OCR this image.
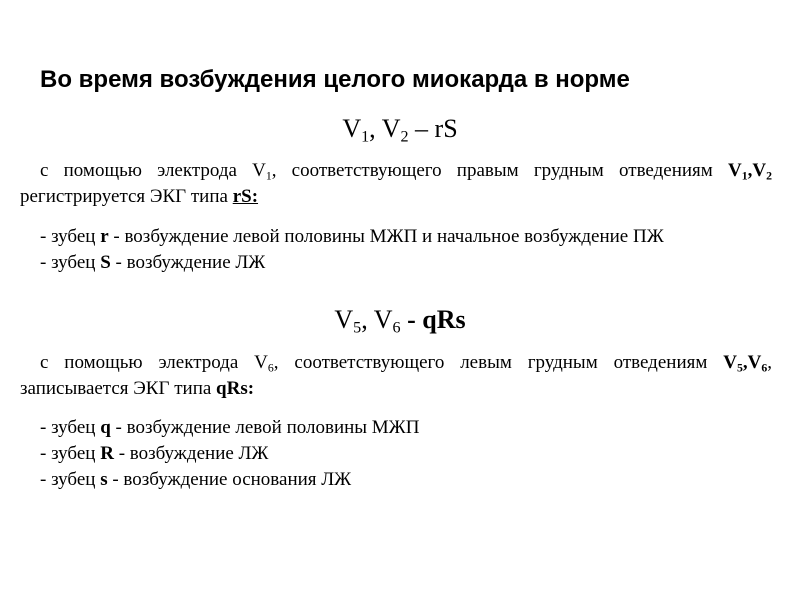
Во время возбуждения целого миокарда в норме
$V_1$, $V_2$ – rS
с помощью электрода $V_1$, соответствующего правым грудным отведениям $V_1,V_2$ регистрируется ЭКГ типа rS:
- зубец r - возбуждение левой половины МЖП и начальное возбуждение ПЖ
- зубец S - возбуждение ЛЖ
$V_5$, $V_6$ - qRs
с помощью электрода $V_6$, соответствующего левым грудным отведениям $V_5,V_6$, записывается ЭКГ типа qRs:
- зубец q - возбуждение левой половины МЖП
- зубец R - возбуждение ЛЖ
- зубец s - возбуждение основания ЛЖ
